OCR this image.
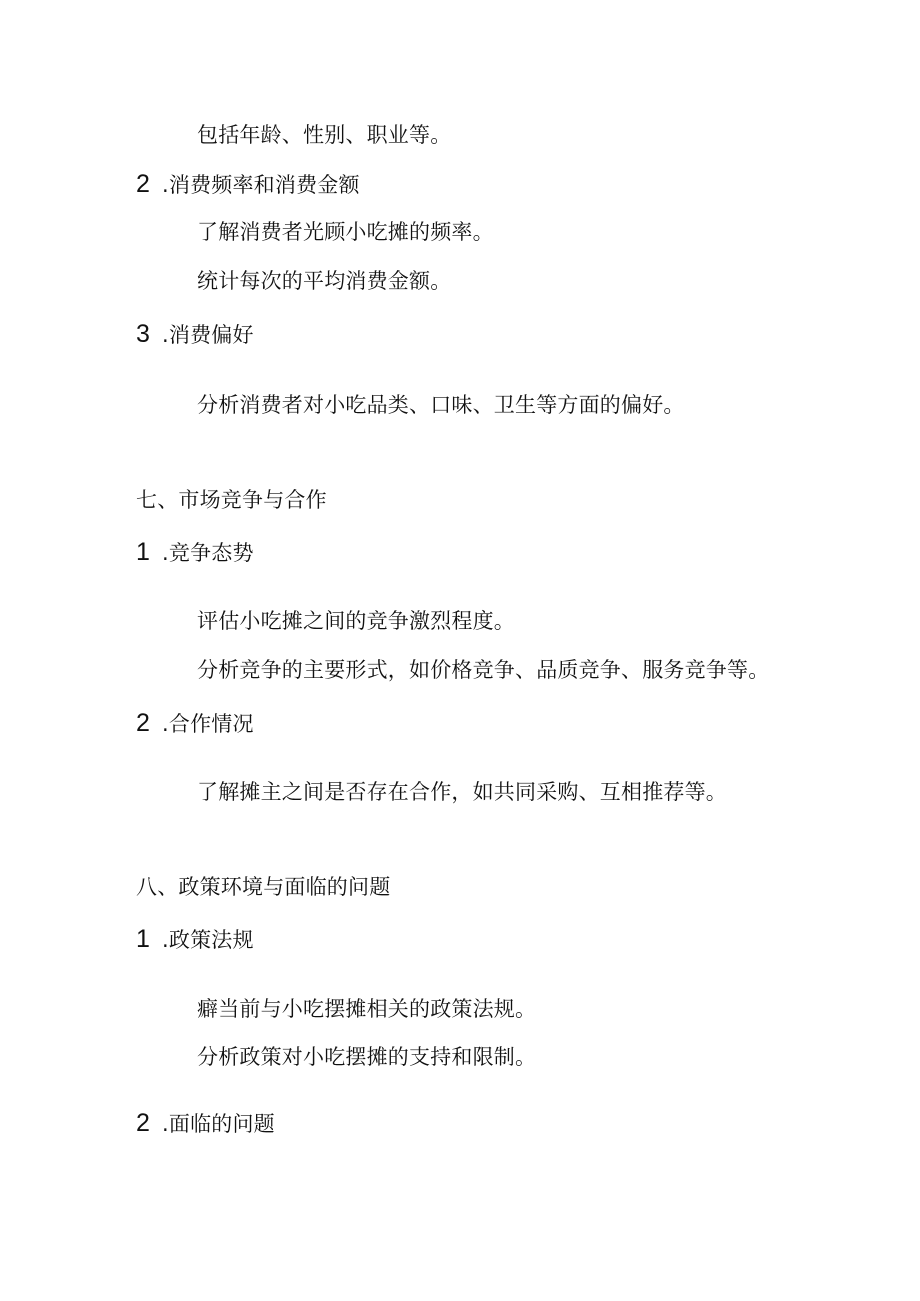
包括年龄、性别、职业等。
2 .消费频率和消费金额
了解消费者光顾小吃摊的频率。
统计每次的平均消费金额。
3 .消费偏好
分析消费者对小吃品类、口味、卫生等方面的偏好。
七、市场竞争与合作
1 .竞争态势
评估小吃摊之间的竞争激烈程度。
分析竞争的主要形式，如价格竞争、品质竞争、服务竞争等。
2 .合作情况
了解摊主之间是否存在合作，如共同采购、互相推荐等。
八、政策环境与面临的问题
1 .政策法规
癖当前与小吃摆摊相关的政策法规。
分析政策对小吃摆摊的支持和限制。
2 .面临的问题
